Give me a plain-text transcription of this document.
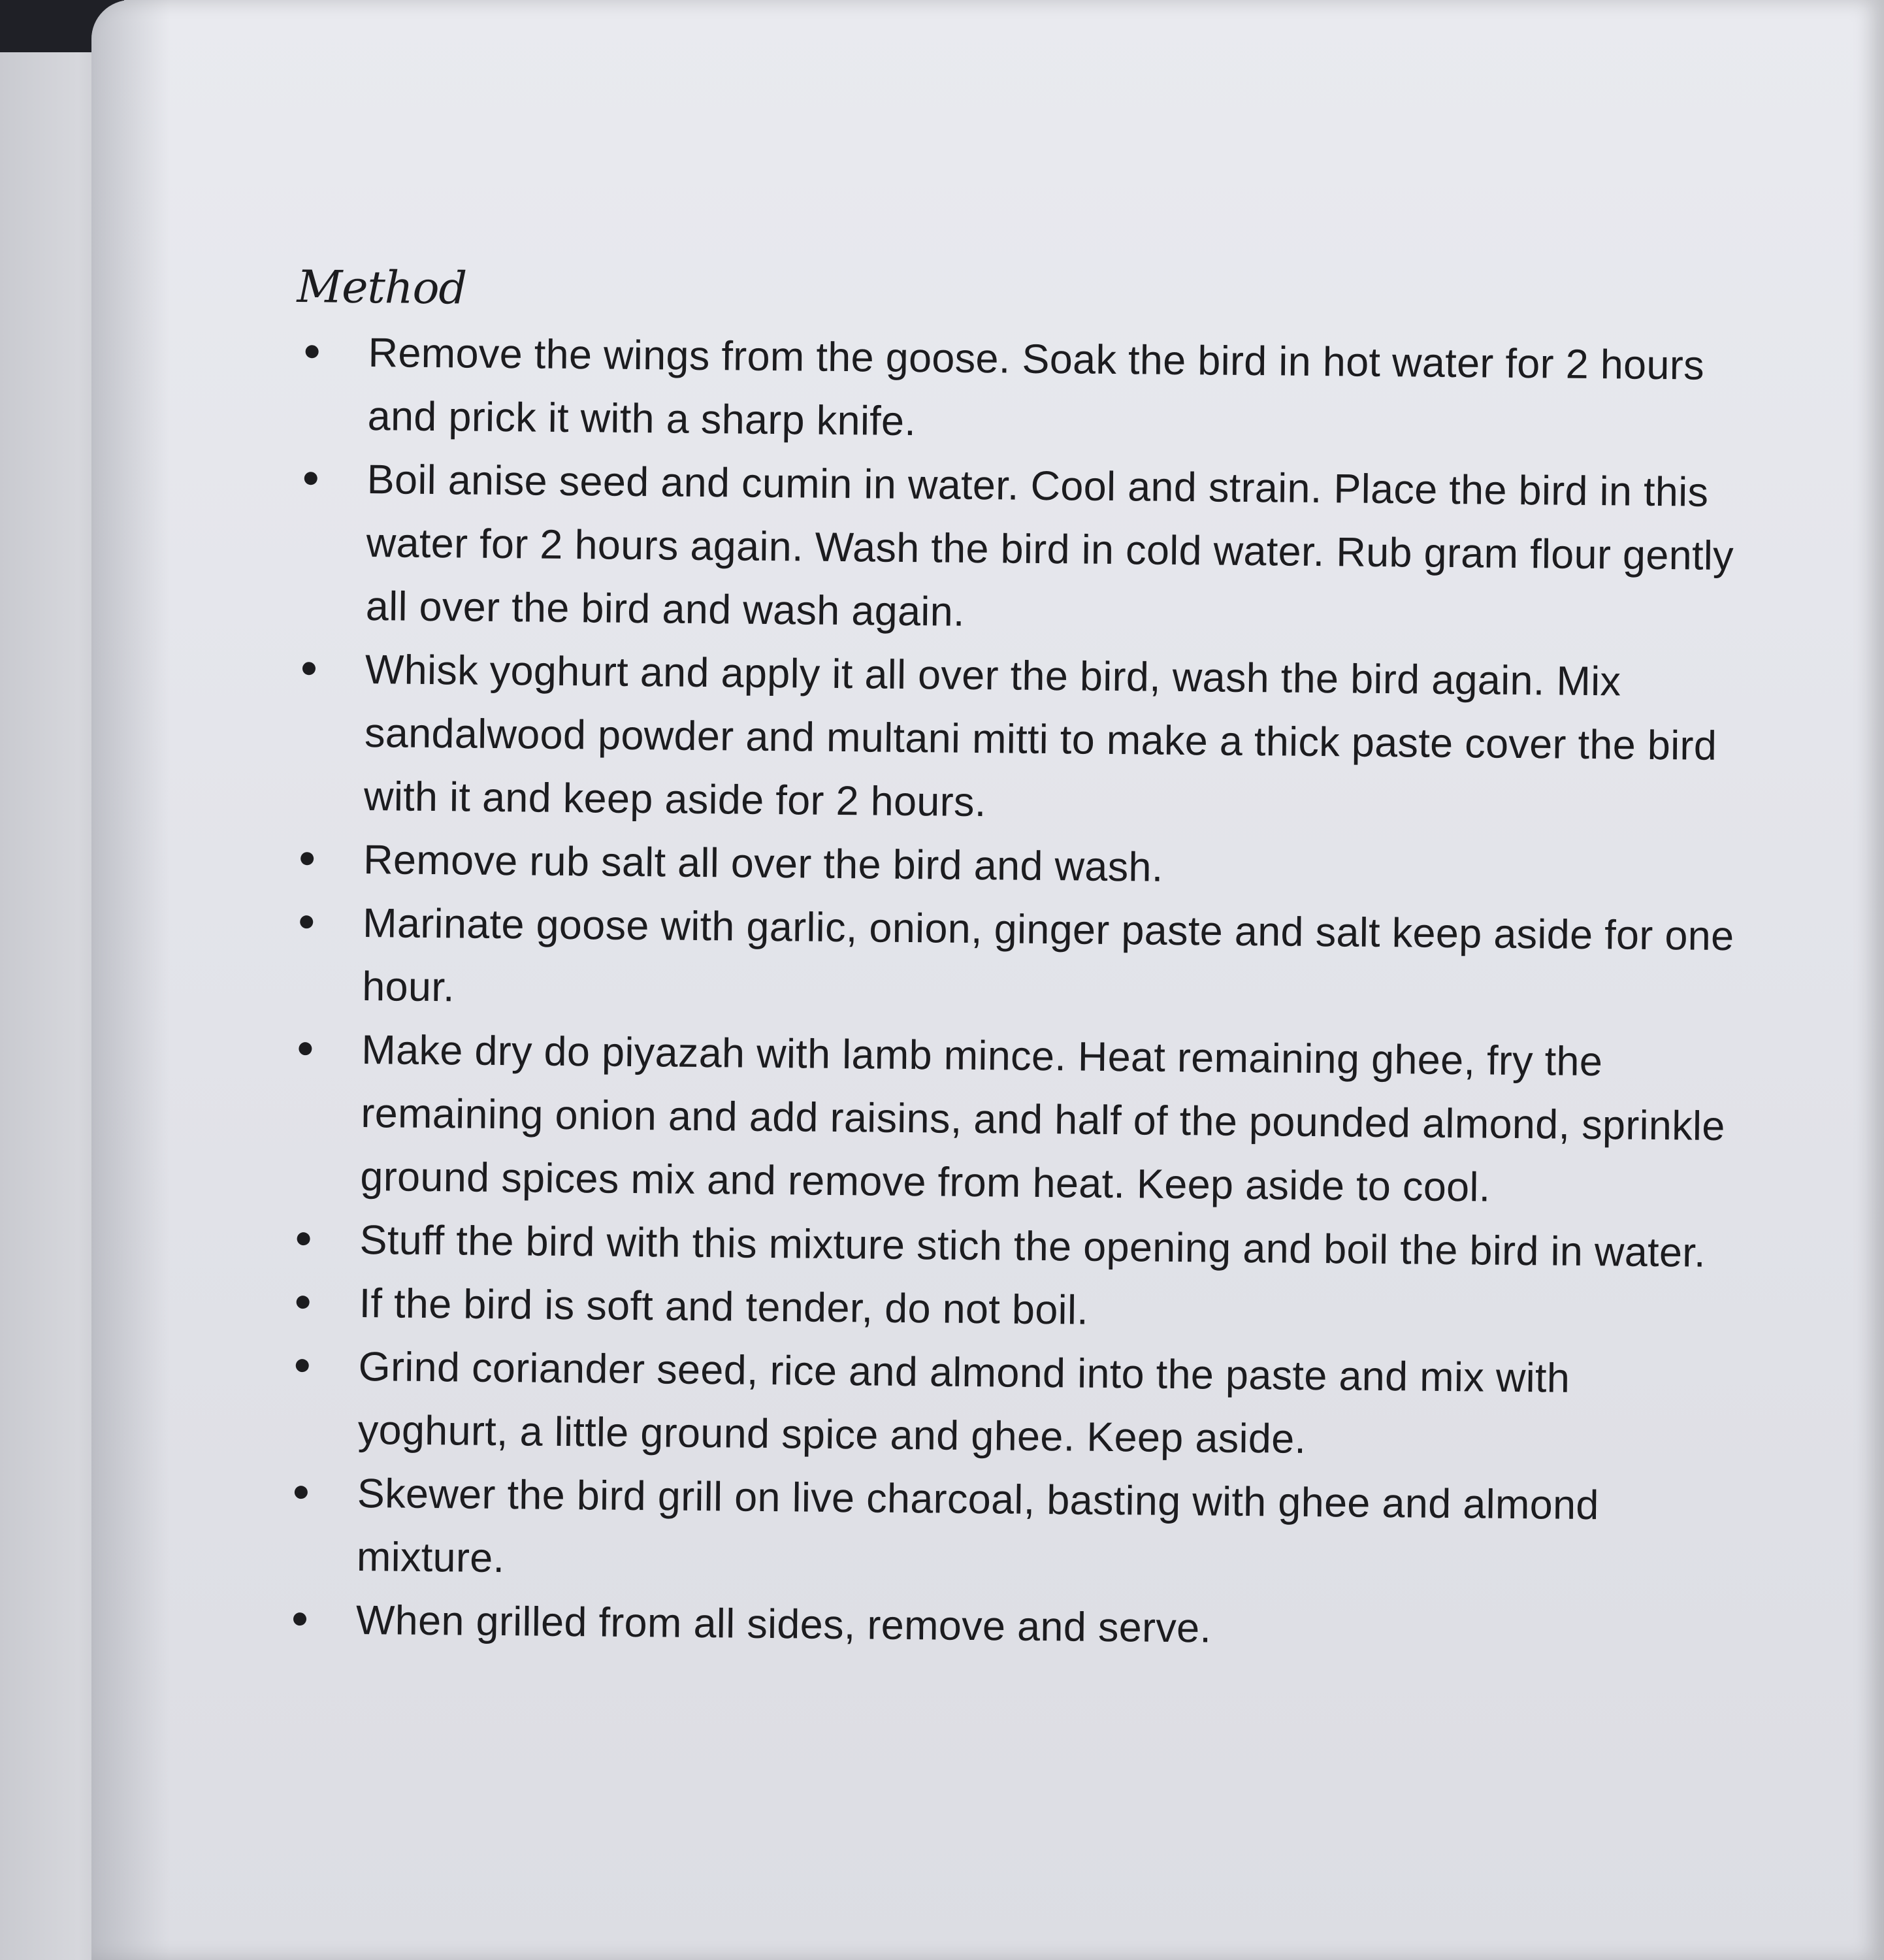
Method
Remove the wings from the goose. Soak the bird in hot water for 2 hours and prick it with a sharp knife.
Boil anise seed and cumin in water. Cool and strain. Place the bird in this water for 2 hours again. Wash the bird in cold water. Rub gram flour gently all over the bird and wash again.
Whisk yoghurt and apply it all over the bird, wash the bird again. Mix sandalwood powder and multani mitti to make a thick paste cover the bird with it and keep aside for 2 hours.
Remove rub salt all over the bird and wash.
Marinate goose with garlic, onion, ginger paste and salt keep aside for one hour.
Make dry do piyazah with lamb mince. Heat remaining ghee, fry the remaining onion and add raisins, and half of the pounded almond, sprinkle ground spices mix and remove from heat. Keep aside to cool.
Stuff the bird with this mixture stich the opening and boil the bird in water.
If the bird is soft and tender, do not boil.
Grind coriander seed, rice and almond into the paste and mix with yoghurt, a little ground spice and ghee. Keep aside.
Skewer the bird grill on live charcoal, basting with ghee and almond mixture.
When grilled from all sides, remove and serve.
